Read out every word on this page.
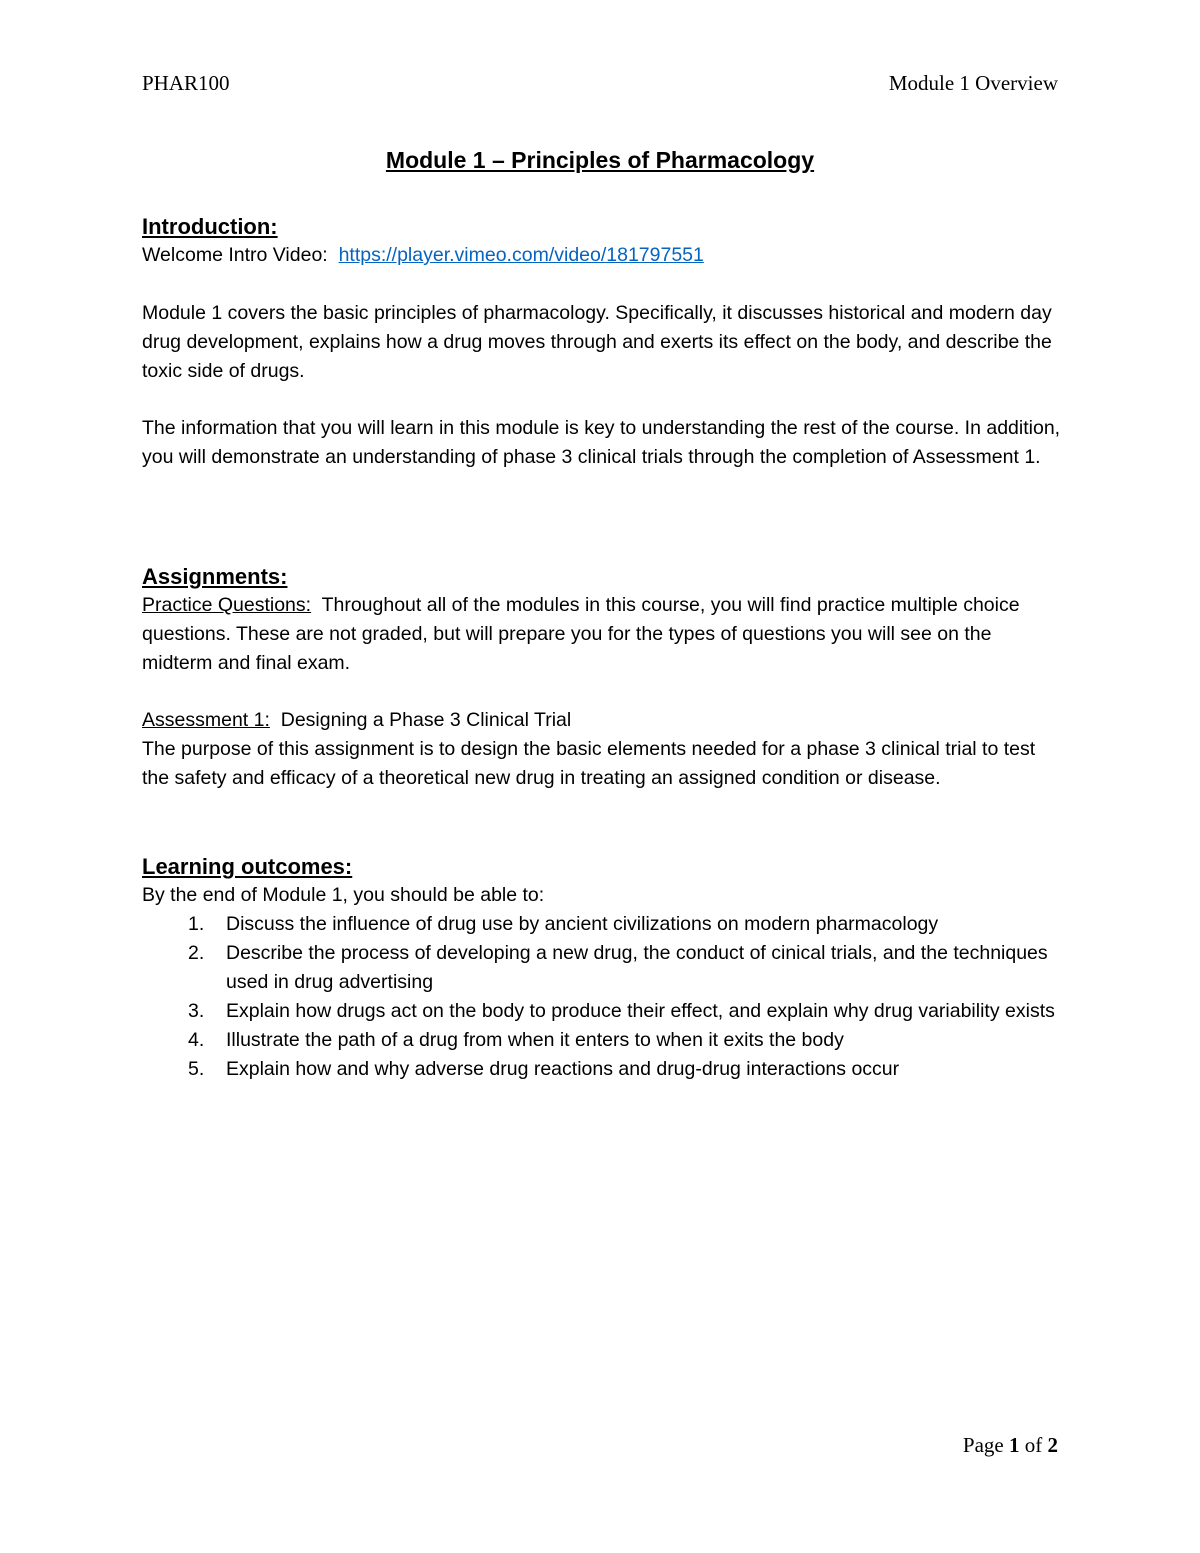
PHAR100	Module 1 Overview
Module 1 – Principles of Pharmacology
Introduction:

Welcome Intro Video: https://player.vimeo.com/video/181797551

Module 1 covers the basic principles of pharmacology. Specifically, it discusses historical and modern day drug development, explains how a drug moves through and exerts its effect on the body, and describe the toxic side of drugs.

The information that you will learn in this module is key to understanding the rest of the course. In addition, you will demonstrate an understanding of phase 3 clinical trials through the completion of Assessment 1.

Assignments:

Practice Questions: Throughout all of the modules in this course, you will find practice multiple choice questions. These are not graded, but will prepare you for the types of questions you will see on the midterm and final exam.

Assessment 1: Designing a Phase 3 Clinical Trial

The purpose of this assignment is to design the basic elements needed for a phase 3 clinical trial to test the safety and efficacy of a theoretical new drug in treating an assigned condition or disease.

Learning outcomes:

By the end of Module 1, you should be able to:

1. Discuss the influence of drug use by ancient civilizations on modern pharmacology
2. Describe the process of developing a new drug, the conduct of cinical trials, and the techniques used in drug advertising
3. Explain how drugs act on the body to produce their effect, and explain why drug variability exists
4. Illustrate the path of a drug from when it enters to when it exits the body
5. Explain how and why adverse drug reactions and drug-drug interactions occur
Page 1 of 2
